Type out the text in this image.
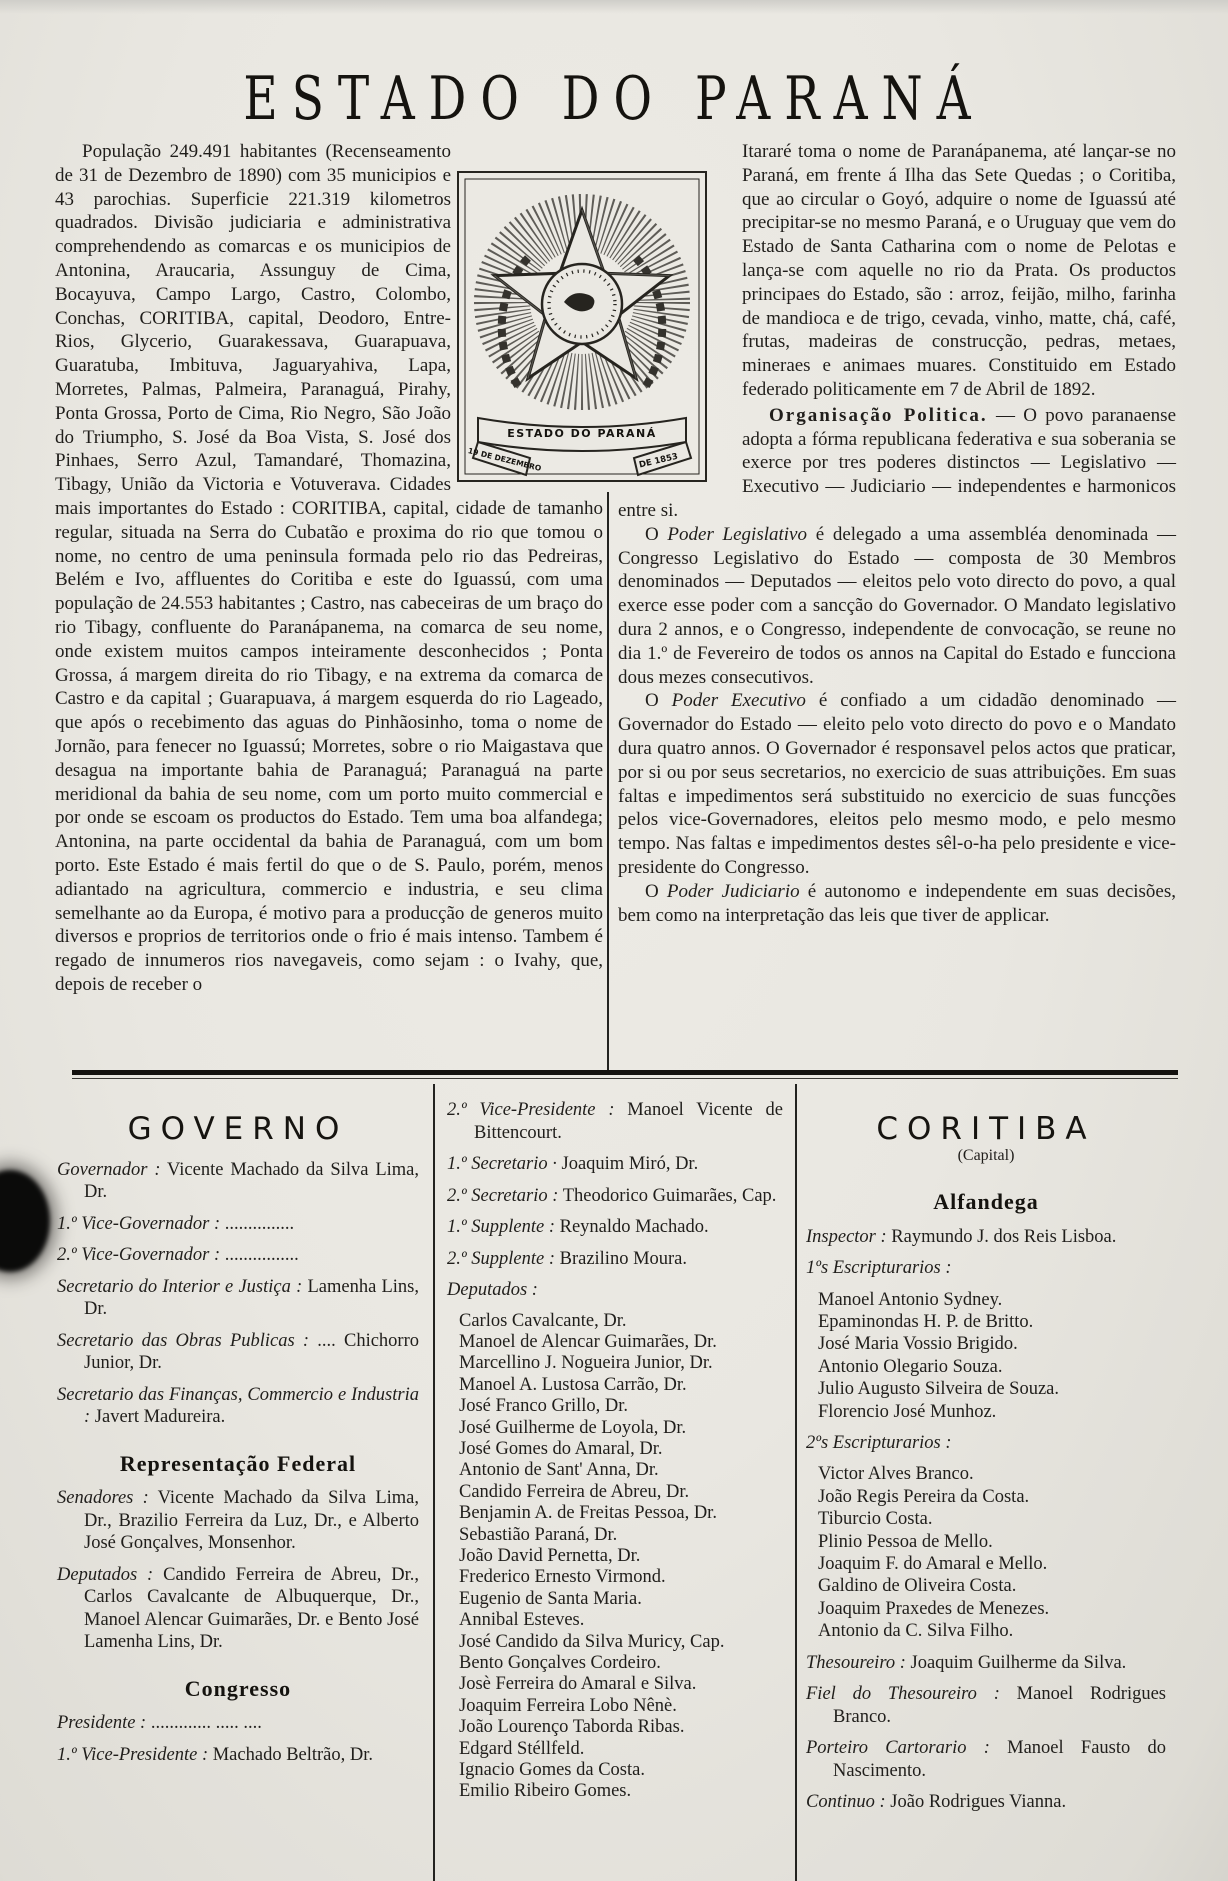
ESTADO DO PARANÁ
ESTADO DO PARANÁ
19 DE DEZEMBRO	DE 1853

População 249.491 habitantes (Recenseamento de 31 de Dezembro de 1890) com 35 municipios e 43 parochias. Superficie 221.319 kilometros quadrados. Divisão judiciaria e administrativa comprehendendo as comarcas e os municipios de Antonina, Araucaria, Assunguy de Cima, Bocayuva, Campo Largo, Castro, Colombo, Conchas, CORITIBA, capital, Deodoro, Entre-Rios, Glycerio, Guarakessava, Guarapuava, Guaratuba, Imbituva, Jaguaryahiva, Lapa, Morretes, Palmas, Palmeira, Paranaguá, Pirahy, Ponta Grossa, Porto de Cima, Rio Negro, São João do Triumpho, S. José da Boa Vista, S. José dos Pinhaes, Serro Azul, Tamandaré, Thomazina, Tibagy, União da Victoria e Votuverava. Cidades mais importantes do Estado : CORITIBA, capital, cidade de tamanho regular, situada na Serra do Cubatão e proxima do rio que tomou o nome, no centro de uma peninsula formada pelo rio das Pedreiras, Belém e Ivo, affluentes do Coritiba e este do Iguassú, com uma população de 24.553 habitantes ; Castro, nas cabeceiras de um braço do rio Tibagy, confluente do Paranápanema, na comarca de seu nome, onde existem muitos campos inteiramente desconhecidos ; Ponta Grossa, á margem direita do rio Tibagy, e na extrema da comarca de Castro e da capital ; Guarapuava, á margem esquerda do rio Lageado, que após o recebimento das aguas do Pinhãosinho, toma o nome de Jornão, para fenecer no Iguassú; Morretes, sobre o rio Maigastava que desagua na importante bahia de Paranaguá; Paranaguá na parte meridional da bahia de seu nome, com um porto muito commercial e por onde se escoam os productos do Estado. Tem uma boa alfandega; Antonina, na parte occidental da bahia de Paranaguá, com um bom porto. Este Estado é mais fertil do que o de S. Paulo, porém, menos adiantado na agricultura, commercio e industria, e seu clima semelhante ao da Europa, é motivo para a producção de generos muito diversos e proprios de territorios onde o frio é mais intenso. Tambem é regado de innumeros rios navegaveis, como sejam : o Ivahy, que, depois de receber o

Itararé toma o nome de Paranápanema, até lançar-se no Paraná, em frente á Ilha das Sete Quedas ; o Coritiba, que ao circular o Goyó, adquire o nome de Iguassú até precipitar-se no mesmo Paraná, e o Uruguay que vem do Estado de Santa Catharina com o nome de Pelotas e lança-se com aquelle no rio da Prata. Os productos principaes do Estado, são : arroz, feijão, milho, farinha de mandioca e de trigo, cevada, vinho, matte, chá, café, frutas, madeiras de construcção, pedras, metaes, mineraes e animaes muares. Constituido em Estado federado politicamente em 7 de Abril de 1892.

Organisação Politica. — O povo paranaense adopta a fórma republicana federativa e sua soberania se exerce por tres poderes distinctos — Legislativo — Executivo — Judiciario — independentes e harmonicos entre si.

O Poder Legislativo é delegado a uma assembléa denominada — Congresso Legislativo do Estado — composta de 30 Membros denominados — Deputados — eleitos pelo voto directo do povo, a qual exerce esse poder com a sancção do Governador. O Mandato legislativo dura 2 annos, e o Congresso, independente de convocação, se reune no dia 1.º de Fevereiro de todos os annos na Capital do Estado e funcciona dous mezes consecutivos.

O Poder Executivo é confiado a um cidadão denominado — Governador do Estado — eleito pelo voto directo do povo e o Mandato dura quatro annos. O Governador é responsavel pelos actos que praticar, por si ou por seus secretarios, no exercicio de suas attribuições. Em suas faltas e impedimentos será substituido no exercicio de suas funcções pelos vice-Governadores, eleitos pelo mesmo modo, e pelo mesmo tempo. Nas faltas e impedimentos destes sêl-o-ha pelo presidente e vice-presidente do Congresso.

O Poder Judiciario é autonomo e independente em suas decisões, bem como na interpretação das leis que tiver de applicar.

GOVERNO
Governador : Vicente Machado da Silva Lima, Dr.
1.º Vice-Governador : ...............
2.º Vice-Governador : ................
Secretario do Interior e Justiça : Lamenha Lins, Dr.
Secretario das Obras Publicas : .... Chichorro Junior, Dr.
Secretario das Finanças, Commercio e Industria : Javert Madureira.
Representação Federal
Senadores : Vicente Machado da Silva Lima, Dr., Brazilio Ferreira da Luz, Dr., e Alberto José Gonçalves, Monsenhor.
Deputados : Candido Ferreira de Abreu, Dr., Carlos Cavalcante de Albuquerque, Dr., Manoel Alencar Guimarães, Dr. e Bento José Lamenha Lins, Dr.
Congresso
Presidente : ............. ..... ....
1.º Vice-Presidente : Machado Beltrão, Dr.
2.º Vice-Presidente : Manoel Vicente de Bittencourt.
1.º Secretario · Joaquim Miró, Dr.
2.º Secretario : Theodorico Guimarães, Cap.
1.º Supplente : Reynaldo Machado.
2.º Supplente : Brazilino Moura.

Deputados :

Carlos Cavalcante, Dr.
Manoel de Alencar Guimarães, Dr.
Marcellino J. Nogueira Junior, Dr.
Manoel A. Lustosa Carrão, Dr.
José Franco Grillo, Dr.
José Guilherme de Loyola, Dr.
José Gomes do Amaral, Dr.
Antonio de Sant' Anna, Dr.
Candido Ferreira de Abreu, Dr.
Benjamin A. de Freitas Pessoa, Dr.
Sebastião Paraná, Dr.
João David Pernetta, Dr.
Frederico Ernesto Virmond.
Eugenio de Santa Maria.
Annibal Esteves.
José Candido da Silva Muricy, Cap.
Bento Gonçalves Cordeiro.
Josè Ferreira do Amaral e Silva.
Joaquim Ferreira Lobo Nênè.
João Lourenço Taborda Ribas.
Edgard Stéllfeld.
Ignacio Gomes da Costa.
Emilio Ribeiro Gomes.
CORITIBA
(Capital)
Alfandega
Inspector : Raymundo J. dos Reis Lisboa.

1ºs Escripturarios :

Manoel Antonio Sydney.
Epaminondas H. P. de Britto.
José Maria Vossio Brigido.
Antonio Olegario Souza.
Julio Augusto Silveira de Souza.
Florencio José Munhoz.

2ºs Escripturarios :

Victor Alves Branco.
João Regis Pereira da Costa.
Tiburcio Costa.
Plinio Pessoa de Mello.
Joaquim F. do Amaral e Mello.
Galdino de Oliveira Costa.
Joaquim Praxedes de Menezes.
Antonio da C. Silva Filho.
Thesoureiro : Joaquim Guilherme da Silva.
Fiel do Thesoureiro : Manoel Rodrigues Branco.
Porteiro Cartorario : Manoel Fausto do Nascimento.
Continuo : João Rodrigues Vianna.
